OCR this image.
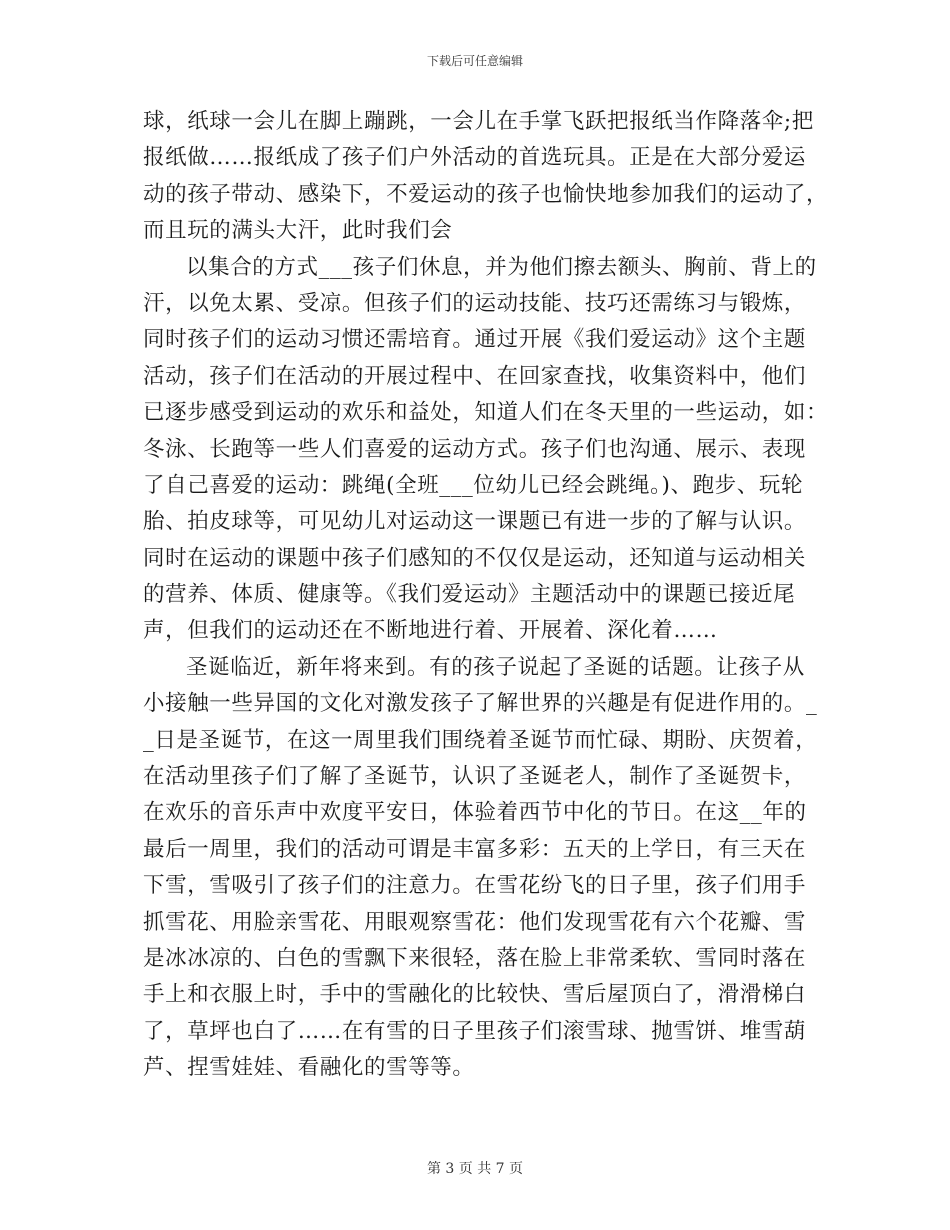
下载后可任意编辑
球，纸球一会儿在脚上蹦跳，一会儿在手掌飞跃把报纸当作降落伞;把
报纸做……报纸成了孩子们户外活动的首选玩具。正是在大部分爱运
动的孩子带动、感染下，不爱运动的孩子也愉快地参加我们的运动了，
而且玩的满头大汗，此时我们会
以集合的方式___孩子们休息，并为他们擦去额头、胸前、背上的
汗，以免太累、受凉。但孩子们的运动技能、技巧还需练习与锻炼，
同时孩子们的运动习惯还需培育。通过开展《我们爱运动》这个主题
活动，孩子们在活动的开展过程中、在回家查找，收集资料中，他们
已逐步感受到运动的欢乐和益处，知道人们在冬天里的一些运动，如：
冬泳、长跑等一些人们喜爱的运动方式。孩子们也沟通、展示、表现
了自己喜爱的运动：跳绳(全班___位幼儿已经会跳绳。)、跑步、玩轮
胎、拍皮球等，可见幼儿对运动这一课题已有进一步的了解与认识。
同时在运动的课题中孩子们感知的不仅仅是运动，还知道与运动相关
的营养、体质、健康等。《我们爱运动》主题活动中的课题已接近尾
声，但我们的运动还在不断地进行着、开展着、深化着……
圣诞临近，新年将来到。有的孩子说起了圣诞的话题。让孩子从
小接触一些异国的文化对激发孩子了解世界的兴趣是有促进作用的。_
_日是圣诞节，在这一周里我们围绕着圣诞节而忙碌、期盼、庆贺着，
在活动里孩子们了解了圣诞节，认识了圣诞老人，制作了圣诞贺卡，
在欢乐的音乐声中欢度平安日，体验着西节中化的节日。在这__年的
最后一周里，我们的活动可谓是丰富多彩：五天的上学日，有三天在
下雪，雪吸引了孩子们的注意力。在雪花纷飞的日子里，孩子们用手
抓雪花、用脸亲雪花、用眼观察雪花：他们发现雪花有六个花瓣、雪
是冰冰凉的、白色的雪飘下来很轻，落在脸上非常柔软、雪同时落在
手上和衣服上时，手中的雪融化的比较快、雪后屋顶白了，滑滑梯白
了，草坪也白了……在有雪的日子里孩子们滚雪球、抛雪饼、堆雪葫
芦、捏雪娃娃、看融化的雪等等。
第 3 页 共 7 页
